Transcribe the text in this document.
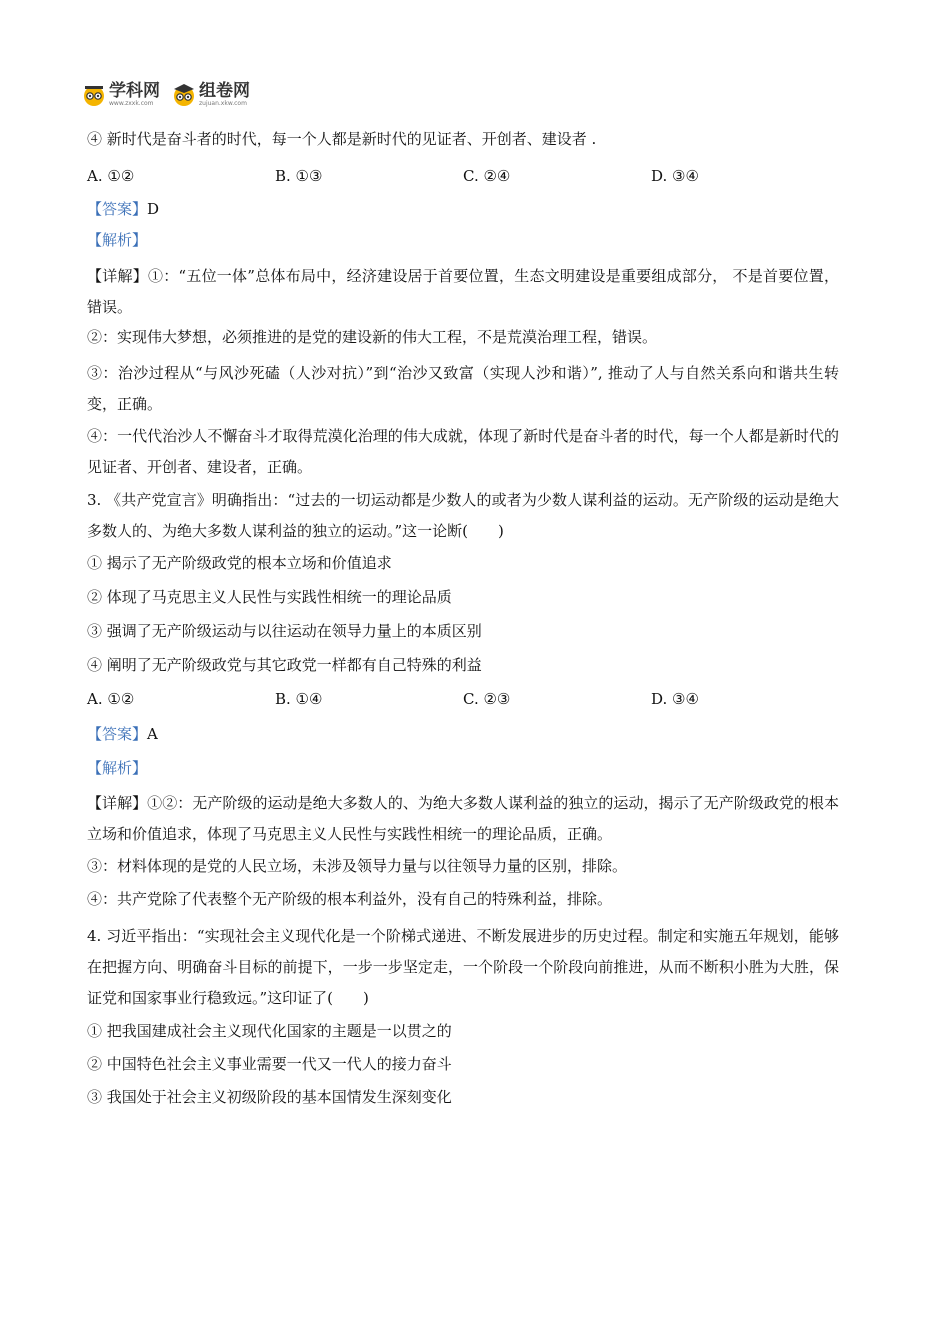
学科网
www.zxxk.com
组卷网
zujuan.xkw.com
④ 新时代是奋斗者的时代，每一个人都是新时代的见证者、开创者、建设者 .
A. ①②	B. ①③	C. ②④	D. ③④
【答案】D
【解析】
【详解】①：“五位一体”总体布局中，经济建设居于首要位置，生态文明建设是重要组成部分， 不是首要位置，错误。
②：实现伟大梦想，必须推进的是党的建设新的伟大工程，不是荒漠治理工程，错误。
③：治沙过程从“与风沙死磕（人沙对抗）”到“治沙又致富（实现人沙和谐）”, 推动了人与自然关系向和谐共生转变，正确。
④：一代代治沙人不懈奋斗才取得荒漠化治理的伟大成就，体现了新时代是奋斗者的时代，每一个人都是新时代的见证者、开创者、建设者，正确。
3. 《共产党宣言》明确指出：“过去的一切运动都是少数人的或者为少数人谋利益的运动。无产阶级的运动是绝大多数人的、为绝大多数人谋利益的独立的运动。”这一论断(　　)
① 揭示了无产阶级政党的根本立场和价值追求
② 体现了马克思主义人民性与实践性相统一的理论品质
③ 强调了无产阶级运动与以往运动在领导力量上的本质区别
④ 阐明了无产阶级政党与其它政党一样都有自己特殊的利益
A. ①②	B. ①④	C. ②③	D. ③④
【答案】A
【解析】
【详解】①②：无产阶级的运动是绝大多数人的、为绝大多数人谋利益的独立的运动，揭示了无产阶级政党的根本立场和价值追求，体现了马克思主义人民性与实践性相统一的理论品质，正确。
③：材料体现的是党的人民立场，未涉及领导力量与以往领导力量的区别，排除。
④：共产党除了代表整个无产阶级的根本利益外，没有自己的特殊利益，排除。
4. 习近平指出：“实现社会主义现代化是一个阶梯式递进、不断发展进步的历史过程。制定和实施五年规划，能够在把握方向、明确奋斗目标的前提下，一步一步坚定走，一个阶段一个阶段向前推进，从而不断积小胜为大胜，保证党和国家事业行稳致远。”这印证了(　　)
① 把我国建成社会主义现代化国家的主题是一以贯之的
② 中国特色社会主义事业需要一代又一代人的接力奋斗
③ 我国处于社会主义初级阶段的基本国情发生深刻变化
